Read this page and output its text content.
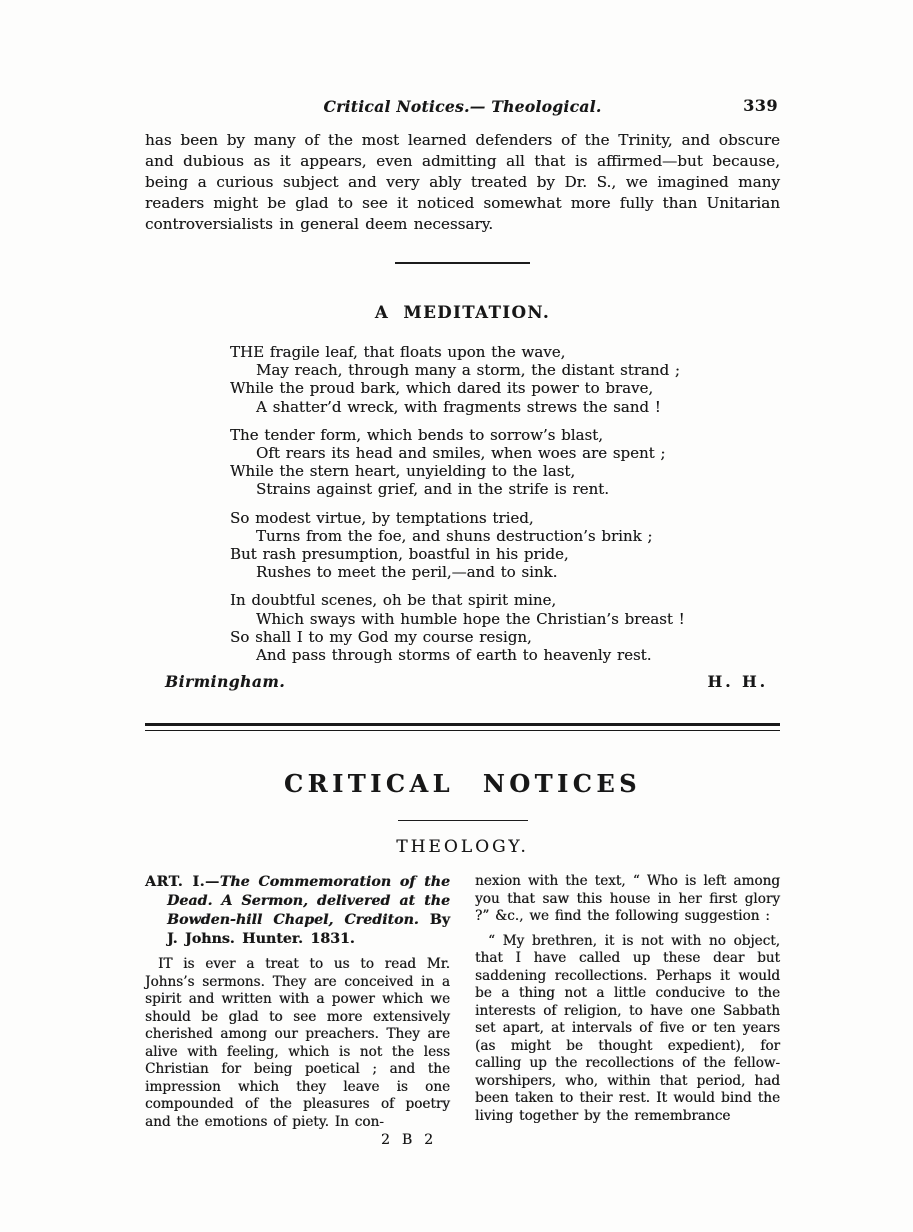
Critical Notices.— Theological.	339

has been by many of the most learned defenders of the Trinity, and obscure and dubious as it appears, even admitting all that is affirmed—but because, being a curious subject and very ably treated by Dr. S., we imagined many readers might be glad to see it noticed somewhat more fully than Unitarian controversialists in general deem necessary.

A MEDITATION.
THE fragile leaf, that floats upon the wave,
May reach, through many a storm, the distant strand ;
While the proud bark, which dared its power to brave,
A shatter’d wreck, with fragments strews the sand !
The tender form, which bends to sorrow’s blast,
Oft rears its head and smiles, when woes are spent ;
While the stern heart, unyielding to the last,
Strains against grief, and in the strife is rent.
So modest virtue, by temptations tried,
Turns from the foe, and shuns destruction’s brink ;
But rash presumption, boastful in his pride,
Rushes to meet the peril,—and to sink.
In doubtful scenes, oh be that spirit mine,
Which sways with humble hope the Christian’s breast !
So shall I to my God my course resign,
And pass through storms of earth to heavenly rest.
Birmingham.	H. H.
CRITICAL NOTICES
THEOLOGY.

ART. I.—The Commemoration of the Dead. A Sermon, delivered at the Bowden-hill Chapel, Crediton. By J. Johns. Hunter. 1831.

IT is ever a treat to us to read Mr. Johns’s sermons. They are conceived in a spirit and written with a power which we should be glad to see more extensively cherished among our preachers. They are alive with feeling, which is not the less Christian for being poetical ; and the impression which they leave is one compounded of the pleasures of poetry and the emotions of piety. In con-

2 B 2

nexion with the text, “ Who is left among you that saw this house in her first glory ?” &c., we find the following suggestion :

“ My brethren, it is not with no object, that I have called up these dear but saddening recollections. Perhaps it would be a thing not a little conducive to the interests of religion, to have one Sabbath set apart, at intervals of five or ten years (as might be thought expedient), for calling up the recollections of the fellow-worshipers, who, within that period, had been taken to their rest. It would bind the living together by the remembrance
